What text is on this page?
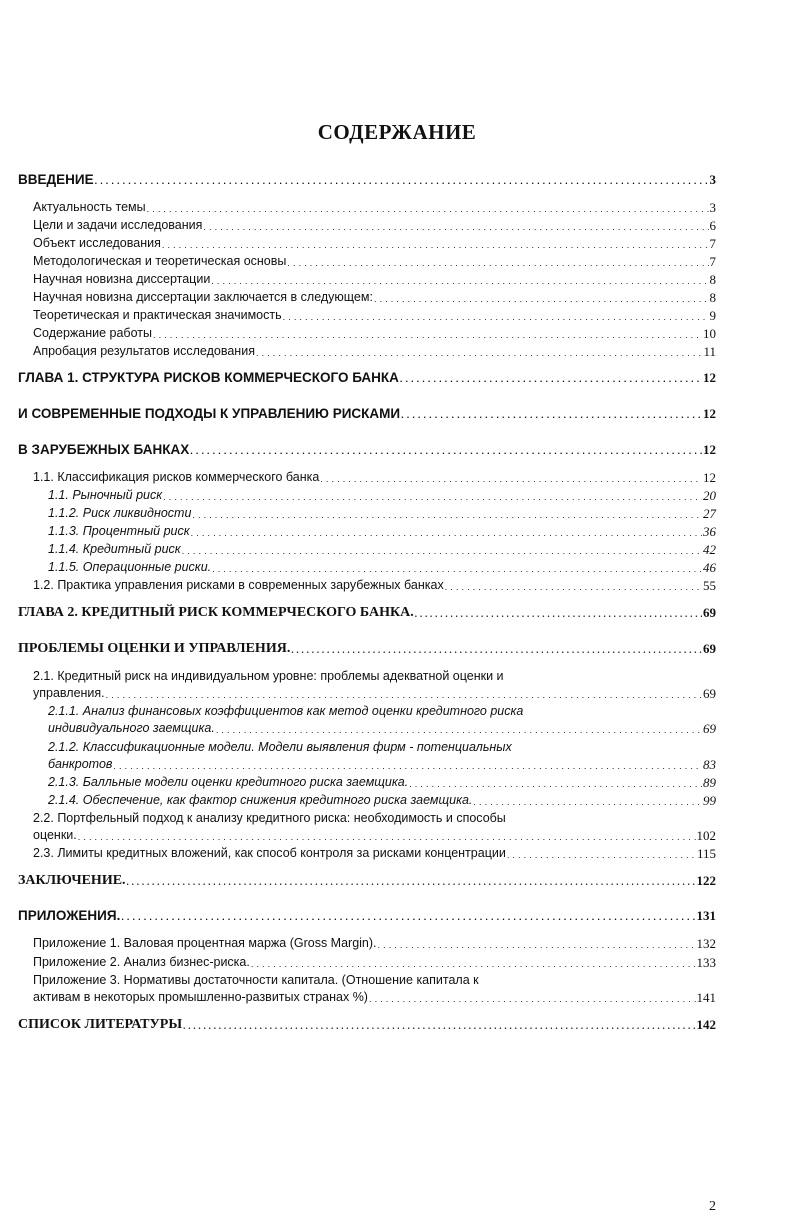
СОДЕРЖАНИЕ
ВВЕДЕНИЕ . . .	3
Актуальность темы . . .	3
Цели и задачи исследования . . .	6
Объект исследования . . .	7
Методологическая и теоретическая основы . . .	7
Научная новизна диссертации . . .	8
Научная новизна диссертации заключается в следующем: . . .	8
Теоретическая и практическая значимость . . .	9
Содержание работы . . .	10
Апробация результатов исследования . . .	11
ГЛАВА 1. СТРУКТУРА РИСКОВ КОММЕРЧЕСКОГО БАНКА . . .	12
И СОВРЕМЕННЫЕ ПОДХОДЫ К УПРАВЛЕНИЮ РИСКАМИ . . .	12
В ЗАРУБЕЖНЫХ БАНКАХ . . .	12
1.1. Классификация рисков коммерческого банка . . .	12
1.1. Рыночный риск . . .	20
1.1.2. Риск ликвидности . . .	27
1.1.3. Процентный риск . . .	36
1.1.4. Кредитный риск . . .	42
1.1.5. Операционные риски. . . .	46
1.2. Практика управления рисками в современных зарубежных банках . . .	55
ГЛАВА 2. КРЕДИТНЫЙ РИСК КОММЕРЧЕСКОГО БАНКА. . . .	69
ПРОБЛЕМЫ ОЦЕНКИ И УПРАВЛЕНИЯ. . . .	69
2.1. Кредитный риск на индивидуальном уровне: проблемы адекватной оценки и
управления. . . .	69
2.1.1. Анализ финансовых коэффициентов как метод оценки кредитного риска
индивидуального заемщика. . . .	69
2.1.2. Классификационные модели. Модели выявления фирм - потенциальных
банкротов . . .	83
2.1.3. Балльные модели оценки кредитного риска заемщика. . . .	89
2.1.4. Обеспечение, как фактор снижения кредитного риска заемщика. . . .	99
2.2. Портфельный подход к анализу кредитного риска: необходимость и способы
оценки. . . .	102
2.3. Лимиты кредитных вложений, как способ контроля за рисками концентрации . . .	115
ЗАКЛЮЧЕНИЕ. . . .	122
ПРИЛОЖЕНИЯ. . . .	131
Приложение 1. Валовая процентная маржа (Gross Margin). . . .	132
Приложение 2. Анализ бизнес-риска. . . .	133
Приложение 3. Нормативы достаточности капитала. (Отношение капитала к
активам в некоторых промышленно-развитых странах %) . . .	141
СПИСОК ЛИТЕРАТУРЫ . . .	142
2
